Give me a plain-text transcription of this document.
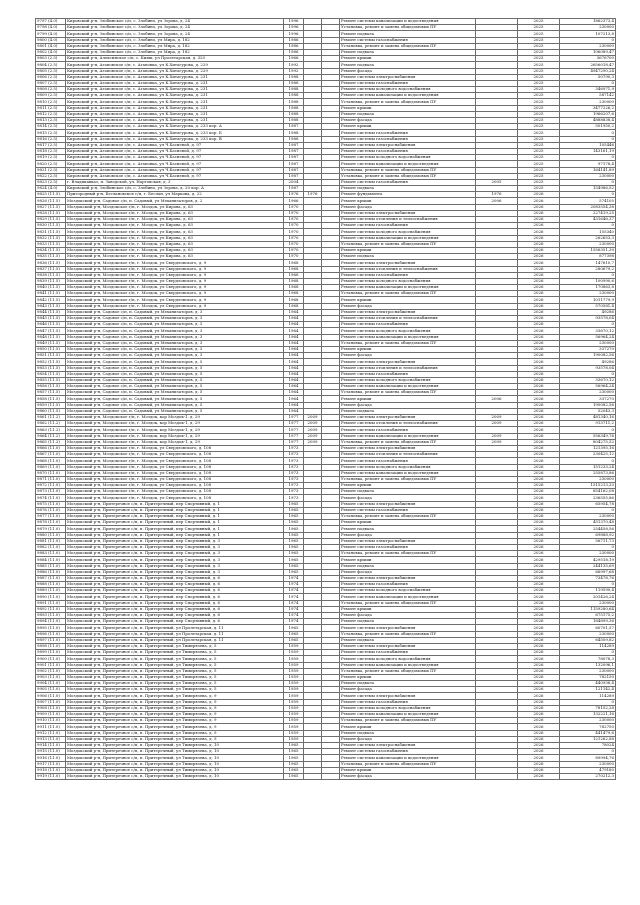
9797 (4.0)	Кировский р-н, Злобинское с/п, с. Злобино, ул Зорова, д. 24	1996			Ремонт системы канализации и водоотведения		2025	1862373,4
9798 (4.0)	Кировский р-н, Злобинское с/п, с. Злобино, ул Зорова, д. 24	1996			Установка, ремонт и замена общедомовых ПУ		2025	230000
9799 (4.0)	Кировский р-н, Злобинское с/п, с. Злобино, ул Зорова, д. 24	1996			Ремонт подвала		2025	107213,8
9800 (4.0)	Кировский р-н, Злобинское с/п, с. Злобино, ул Мира, д. 182	1986			Ремонт системы газоснабжения		2025	0
9801 (4.0)	Кировский р-н, Злобинское с/п, с. Злобино, ул Мира, д. 182	1986			Установка, ремонт и замена общедомовых ПУ		2025	230000
9802 (4.0)	Кировский р-н, Злобинское с/п, с. Злобино, ул Мира, д. 182	1986			Ремонт подвала		2025	106089,47
9803 (2.5)	Кировский р-н, Алексинское с/п, с. Кияш, ул Пролетарская, д. 320	1966			Ремонт крыши		2025	3676700
9804 (2.5)	Кировский р-н, Агаповское с/п, с. Агаповка, ул К.Хитагурова, д. 229	1992			Ремонт подвала		2025	2656018,47
9805 (2.5)	Кировский р-н, Агаповское с/п, с. Агаповка, ул К.Хитагурова, д. 229	1992			Ремонт фасада		2025	4947290,24
9806 (2.5)	Кировский р-н, Агаповское с/п, с. Агаповка, ул К.Хитагурова, д. 231	1988			Ремонт системы электроснабжения		2025	50790,3
9807 (2.5)	Кировский р-н, Агаповское с/п, с. Агаповка, ул К.Хитагурова, д. 231	1988			Ремонт системы газоснабжения		2025	0
9808 (2.5)	Кировский р-н, Агаповское с/п, с. Агаповка, ул К.Хитагурова, д. 231	1988			Ремонт системы холодного водоснабжения		2025	346971,9
9809 (2.5)	Кировский р-н, Агаповское с/п, с. Агаповка, ул К.Хитагурова, д. 231	1988			Ремонт системы канализации и водоотведения		2025	587142
9810 (2.5)	Кировский р-н, Агаповское с/п, с. Агаповка, ул К.Хитагурова, д. 231	1988			Установка, ремонт и замена общедомовых ПУ		2025	230000
9811 (2.5)	Кировский р-н, Агаповское с/п, с. Агаповка, ул К.Хитагурова, д. 231	1988			Ремонт крыши		2025	3477226,2
9812 (2.5)	Кировский р-н, Агаповское с/п, с. Агаповка, ул К.Хитагурова, д. 231	1988			Ремонт подвала		2025	1966207,6
9813 (2.5)	Кировский р-н, Агаповское с/п, с. Агаповка, ул К.Хитагурова, д. 231	1988			Ремонт фасада		2025	4888838,4
9814 (2.5)	Кировский р-н, Агаповское с/п, с. Агаповка, ул К.Хитагурова, д. 233 кор. А	1987			Ремонт крыши		2025	501950,2
9815 (2.5)	Кировский р-н, Агаповское с/п, с. Агаповка, ул К.Хитагурова, д. 233 кор. Б	1988			Ремонт системы газоснабжения		2025	0
9816 (2.5)	Кировский р-н, Агаповское с/п, с. Агаповка, ул К.Хитагурова, д. 233 кор. В	1988			Ремонт системы газоснабжения		2025	0
9817 (2.5)	Кировский р-н, Агаповское с/п, с. Агаповка, ул Ч.Басиевой, д. 97	1987			Ремонт системы электроснабжения		2025	105446
9818 (2.5)	Кировский р-н, Агаповское с/п, с. Агаповка, ул Ч.Басиевой, д. 97	1987			Ремонт системы газоснабжения		2025	143161,19
9819 (2.5)	Кировский р-н, Агаповское с/п, с. Агаповка, ул Ч.Басиевой, д. 97	1987			Ремонт системы холодного водоснабжения		2025	0
9820 (2.5)	Кировский р-н, Агаповское с/п, с. Агаповка, ул Ч.Басиевой, д. 97	1987			Ремонт системы канализации и водоотведения		2025	97178,4
9821 (2.5)	Кировский р-н, Агаповское с/п, с. Агаповка, ул Ч.Басиевой, д. 97	1987			Установка, ремонт и замена общедомовых ПУ		2025	164141,89
9822 (2.5)	Кировский р-н, Агаповское с/п, с. Агаповка, ул Ч.Басиевой, д. 97	1987			Установка, ремонт и замена общедомовых ПУ		2025	230000
9823 (2.5)	г. Владикавказ, п. Заводской, ул. Нартовская, д. 3	2004			Ремонт системы газоснабжения	2005	2025	0
9824 (4.0)	Кировский р-н, Злобинское с/п, с. Злобино, ул Зорова, д. 20 кор. А	1987			Ремонт подвала		2025	154986,52
9825 (11.5)	Пригородный р-н, Беслановское г/п, г. Беслан, ул Маркова, д. 22	1976	1976		Ремонт фундамента	1976	2026	0
9826 (11.5)	Моздокский р-н, Садовое с/п, п. Садовый, ул Механизаторов, д. 2	1966			Ремонт крыши	2006	2026	574105
9827 (11.5)	Моздокский р-н, Моздокское г/п, г. Моздок, ул Кирова, д. 63	1970			Ремонт фасада		2026	2083554,38
9828 (11.5)	Моздокский р-н, Моздокское г/п, г. Моздок, ул Кирова, д. 63	1970			Ремонт системы электроснабжения		2026	227419,25
9829 (11.5)	Моздокский р-н, Моздокское г/п, г. Моздок, ул Кирова, д. 63	1970			Ремонт системы отопления и теплоснабжения		2026	431646,37
9830 (11.5)	Моздокский р-н, Моздокское г/п, г. Моздок, ул Кирова, д. 63	1970			Ремонт системы газоснабжения		2026	0
9831 (11.5)	Моздокский р-н, Моздокское г/п, г. Моздок, ул Кирова, д. 63	1970			Ремонт системы холодного водоснабжения		2026	155340
9832 (11.5)	Моздокский р-н, Моздокское г/п, г. Моздок, ул Кирова, д. 63	1970			Ремонт системы канализации и водоотведения		2026	262653,3
9833 (11.5)	Моздокский р-н, Моздокское г/п, г. Моздок, ул Кирова, д. 63	1970			Установка, ремонт и замена общедомовых ПУ		2026	230000
9834 (11.5)	Моздокский р-н, Моздокское г/п, г. Моздок, ул Кирова, д. 63	1970			Ремонт крыши		2026	1556351,39
9835 (11.5)	Моздокский р-н, Моздокское г/п, г. Моздок, ул Кирова, д. 63	1970			Ремонт подвала		2026	877398
9836 (11.5)	Моздокский р-н, Моздокское г/п, г. Моздок, ул Свердловского, д. 9	1968			Ремонт системы электроснабжения		2026	147610,7
9837 (11.5)	Моздокский р-н, Моздокское г/п, г. Моздок, ул Свердловского, д. 9	1968			Ремонт системы отопления и теплоснабжения		2026	280679,2
9838 (11.5)	Моздокский р-н, Моздокское г/п, г. Моздок, ул Свердловского, д. 9	1968			Ремонт системы газоснабжения		2026	0
9839 (11.5)	Моздокский р-н, Моздокское г/п, г. Моздок, ул Свердловского, д. 9	1968			Ремонт системы холодного водоснабжения		2026	100990,6
9840 (11.5)	Моздокский р-н, Моздокское г/п, г. Моздок, ул Свердловского, д. 9	1968			Ремонт системы канализации и водоотведения		2026	170863,8
9841 (11.5)	Моздокский р-н, Моздокское г/п, г. Моздок, ул Свердловского, д. 9	1968			Установка, ремонт и замена общедомовых ПУ		2026	230000
9842 (11.5)	Моздокский р-н, Моздокское г/п, г. Моздок, ул Свердловского, д. 9	1968			Ремонт крыши		2026	1011779,9
9843 (11.5)	Моздокский р-н, Моздокское г/п, г. Моздок, ул Свердловского, д. 9	1968			Ремонт фасада		2026	570581,4
9844 (11.5)	Моздокский р-н, Садовое с/п, п. Садовый, ул Механизаторов, д. 3	1964			Ремонт системы электроснабжения		2026	49286
9845 (11.5)	Моздокский р-н, Садовое с/п, п. Садовый, ул Механизаторов, д. 3	1964			Ремонт системы отопления и теплоснабжения		2026	93578,04
9846 (11.5)	Моздокский р-н, Садовое с/п, п. Садовый, ул Механизаторов, д. 3	1964			Ремонт системы газоснабжения		2026	0
9847 (11.5)	Моздокский р-н, Садовое с/п, п. Садовый, ул Механизаторов, д. 3	1964			Ремонт системы холодного водоснабжения		2026	33670,12
9848 (11.5)	Моздокский р-н, Садовое с/п, п. Садовый, ул Механизаторов, д. 3	1964			Ремонт системы канализации и водоотведения		2026	56964,24
9849 (11.5)	Моздокский р-н, Садовое с/п, п. Садовый, ул Механизаторов, д. 3	1964			Установка, ремонт и замена общедомовых ПУ		2026	230000
9850 (11.5)	Моздокский р-н, Садовое с/п, п. Садовый, ул Механизаторов, д. 3	1964			Ремонт крыши		2026	337270
9851 (11.5)	Моздокский р-н, Садовое с/п, п. Садовый, ул Механизаторов, д. 3	1964			Ремонт фасада		2026	190082,56
9852 (11.5)	Моздокский р-н, Садовое с/п, п. Садовый, ул Механизаторов, д. 5	1964			Ремонт системы электроснабжения		2026	49286
9853 (11.5)	Моздокский р-н, Садовое с/п, п. Садовый, ул Механизаторов, д. 5	1964			Ремонт системы отопления и теплоснабжения		2026	93578,04
9854 (11.5)	Моздокский р-н, Садовое с/п, п. Садовый, ул Механизаторов, д. 5	1964			Ремонт системы газоснабжения		2026	0
9855 (11.5)	Моздокский р-н, Садовое с/п, п. Садовый, ул Механизаторов, д. 5	1964			Ремонт системы холодного водоснабжения		2026	33670,12
9856 (11.5)	Моздокский р-н, Садовое с/п, п. Садовый, ул Механизаторов, д. 5	1964			Ремонт системы канализации и водоотведения		2026	56964,24
9857 (11.5)	Моздокский р-н, Садовое с/п, п. Садовый, ул Механизаторов, д. 5	1964			Установка, ремонт и замена общедомовых ПУ		2026	230000
9858 (11.5)	Моздокский р-н, Садовое с/п, п. Садовый, ул Механизаторов, д. 5	1964			Ремонт крыши	2006	2026	337270
9859 (11.5)	Моздокский р-н, Садовое с/п, п. Садовый, ул Механизаторов, д. 5	1964			Ремонт фасада		2026	190082,56
9860 (11.5)	Моздокский р-н, Садовое с/п, п. Садовый, ул Механизаторов, д. 5	1964			Ремонт подвала		2026	52043,3
9861 (11.2)	Моздокский р-н, Моздокское г/п, г. Моздок, кор Моздок-1, д. 29	1977	2009		Ремонт системы электроснабжения	2009	2026	481340,16
9862 (11.2)	Моздокский р-н, Моздокское г/п, г. Моздок, кор Моздок-1, д. 29	1977	2009		Ремонт системы отопления и теплоснабжения	2009	2026	913711,2
9863 (11.2)	Моздокский р-н, Моздокское г/п, г. Моздок, кор Моздок-1, д. 29	1977	2009		Ремонт системы газоснабжения		2026	0
9864 (11.2)	Моздокский р-н, Моздокское г/п, г. Моздок, кор Моздок-1, д. 29	1977	2009		Ремонт системы канализации и водоотведения	2009	2026	556349,76
9865 (11.2)	Моздокский р-н, Моздокское г/п, г. Моздок, кор Моздок-1, д. 29	1977	2009		Установка, ремонт и замена общедомовых ПУ	2009	2026	804275,52
9866 (11.0)	Моздокский р-н, Моздокское г/п, г. Моздок, ул Свердловского, д. 108	1973			Ремонт системы электроснабжения		2026	121395,16
9867 (11.0)	Моздокский р-н, Моздокское г/п, г. Моздок, ул Свердловского, д. 108	1973			Ремонт системы отопления и теплоснабжения		2026	230425,12
9868 (11.0)	Моздокский р-н, Моздокское г/п, г. Моздок, ул Свердловского, д. 108	1973			Ремонт системы газоснабжения		2026	0
9869 (11.0)	Моздокский р-н, Моздокское г/п, г. Моздок, ул Свердловского, д. 108	1973			Ремонт системы холодного водоснабжения		2026	151233,24
9870 (11.0)	Моздокский р-н, Моздокское г/п, г. Моздок, ул Свердловского, д. 108	1973			Ремонт системы канализации и водоотведения		2026	255873,86
9871 (11.0)	Моздокский р-н, Моздокское г/п, г. Моздок, ул Свердловского, д. 108	1973			Установка, ремонт и замена общедомовых ПУ		2026	230000
9872 (11.0)	Моздокский р-н, Моздокское г/п, г. Моздок, ул Свердловского, д. 108	1973			Ремонт крыши		2026	1515213,33
9873 (11.0)	Моздокский р-н, Моздокское г/п, г. Моздок, ул Свердловского, д. 108	1973			Ремонт подвала		2026	854162,08
9874 (11.0)	Моздокский р-н, Моздокское г/п, г. Моздок, ул Свердловского, д. 108	1973			Ремонт фасада		2026	236555,86
9875 (11.0)	Моздокский р-н, Притеречное с/п, п. Притеречный, пер Спортивный, д. 1	1965			Ремонт системы электроснабжения		2026	65954,78
9876 (11.0)	Моздокский р-н, Притеречное с/п, п. Притеречный, пер Спортивный, д. 1	1965			Ремонт системы газоснабжения		2026	0
9877 (11.0)	Моздокский р-н, Притеречное с/п, п. Притеречный, пер Спортивный, д. 1	1965			Установка, ремонт и замена общедомовых ПУ		2026	230000
9878 (11.0)	Моздокский р-н, Притеречное с/п, п. Притеречный, пер Спортивный, д. 1	1965			Ремонт крыши		2026	451370,48
9879 (11.0)	Моздокский р-н, Притеречное с/п, п. Притеречный, пер Спортивный, д. 1	1965			Ремонт подвала		2026	254458,56
9880 (11.0)	Моздокский р-н, Притеречное с/п, п. Притеречный, пер Спортивный, д. 1	1965			Ремонт фасада		2026	69888,92
9881 (11.0)	Моздокский р-н, Притеречное с/п, п. Притеречный, пер Спортивный, д. 3	1965			Ремонт системы электроснабжения		2026	56711,73
9882 (11.0)	Моздокский р-н, Притеречное с/п, п. Притеречный, пер Спортивный, д. 3	1965			Ремонт системы газоснабжения		2026	0
9883 (11.0)	Моздокский р-н, Притеречное с/п, п. Притеречный, пер Спортивный, д. 3	1965			Установка, ремонт и замена общедомовых ПУ		2026	230000
9884 (11.0)	Моздокский р-н, Притеречное с/п, п. Притеречный, пер Спортивный, д. 3	1965			Ремонт крыши		2026	429518,19
9885 (11.0)	Моздокский р-н, Притеречное с/п, п. Притеречный, пер Спортивный, д. 3	1965			Ремонт подвала		2026	244135,69
9886 (11.0)	Моздокский р-н, Притеречное с/п, п. Притеречный, пер Спортивный, д. 3	1965			Ремонт фасада		2026	66997,68
9887 (11.0)	Моздокский р-н, Притеречное с/п, п. Притеречный, пер Спортивный, д. 6	1974			Ремонт системы электроснабжения		2026	73478,76
9888 (11.0)	Моздокский р-н, Притеречное с/п, п. Притеречный, пер Спортивный, д. 6	1974			Ремонт системы газоснабжения		2026	0
9889 (11.0)	Моздокский р-н, Притеречное с/п, п. Притеречный, пер Спортивный, д. 6	1974			Ремонт системы холодного водоснабжения		2026	119590,4
9890 (11.0)	Моздокский р-н, Притеречное с/п, п. Притеречный, пер Спортивный, д. 6	1974			Ремонт системы канализации и водоотведения		2026	201426,24
9891 (11.0)	Моздокский р-н, Притеречное с/п, п. Притеречный, пер Спортивный, д. 6	1974			Установка, ремонт и замена общедомовых ПУ		2026	230000
9892 (11.0)	Моздокский р-н, Притеречное с/п, п. Притеречный, пер Спортивный, д. 6	1974			Ремонт крыши		2026	1159280,64
9893 (11.0)	Моздокский р-н, Притеречное с/п, п. Притеречный, пер Спортивный, д. 6	1974			Ремонт фасада		2026	675175,2
9894 (11.0)	Моздокский р-н, Притеречное с/п, п. Притеречный, пер Спортивный, д. 6	1974			Ремонт подвала		2026	184899,36
9895 (11.0)	Моздокский р-н, Притеречное с/п, п. Притеречный, ул Пролетарская, д. 11	1965			Ремонт системы электроснабжения		2026	60701,57
9896 (11.0)	Моздокский р-н, Притеречное с/п, п. Притеречный, ул Пролетарская, д. 11	1965			Установка, ремонт и замена общедомовых ПУ		2026	230000
9897 (11.0)	Моздокский р-н, Притеречное с/п, п. Притеречный, ул Пролетарская, д. 11	1965			Ремонт подвала		2026	64509,82
9898 (11.0)	Моздокский р-н, Притеречное с/п, п. Притеречный, ул Тимирязева, д. 5	1959			Ремонт системы электроснабжения		2026	114289
9899 (11.0)	Моздокский р-н, Притеречное с/п, п. Притеречный, ул Тимирязева, д. 5	1959			Ремонт системы газоснабжения		2026	0
9900 (11.0)	Моздокский р-н, Притеречное с/п, п. Притеречный, ул Тимирязева, д. 5	1959			Ремонт системы холодного водоснабжения		2026	78078,3
9901 (11.0)	Моздокский р-н, Притеречное с/п, п. Притеречный, ул Тимирязева, д. 5	1959			Ремонт системы канализации и водоотведения		2026	132096,1
9902 (11.0)	Моздокский р-н, Притеречное с/п, п. Притеречный, ул Тимирязева, д. 5	1959			Установка, ремонт и замена общедомовых ПУ		2026	230000
9903 (11.0)	Моздокский р-н, Притеречное с/п, п. Притеречный, ул Тимирязева, д. 5	1959			Ремонт крыши		2026	782150
9904 (11.0)	Моздокский р-н, Притеречное с/п, п. Притеречный, ул Тимирязева, д. 5	1959			Ремонт подвала		2026	440938,4
9905 (11.0)	Моздокский р-н, Притеречное с/п, п. Притеречный, ул Тимирязева, д. 5	1959			Ремонт фасада		2026	121142,4
9906 (11.0)	Моздокский р-н, Притеречное с/п, п. Притеречный, ул Тимирязева, д. 9	1959			Ремонт системы электроснабжения		2026	114289
9907 (11.0)	Моздокский р-н, Притеречное с/п, п. Притеречный, ул Тимирязева, д. 9	1959			Ремонт системы газоснабжения		2026	0
9908 (11.0)	Моздокский р-н, Притеречное с/п, п. Притеречный, ул Тимирязева, д. 9	1959			Ремонт системы холодного водоснабжения		2026	78152,28
9909 (11.0)	Моздокский р-н, Притеречное с/п, п. Притеречный, ул Тимирязева, д. 9	1959			Ремонт системы канализации и водоотведения		2026	132221,16
9910 (11.0)	Моздокский р-н, Притеречное с/п, п. Притеречный, ул Тимирязева, д. 9	1959			Установка, ремонт и замена общедомовых ПУ		2026	230000
9911 (11.0)	Моздокский р-н, Притеречное с/п, п. Притеречный, ул Тимирязева, д. 9	1959			Ремонт крыши		2026	782750
9912 (11.0)	Моздокский р-н, Притеречное с/п, п. Притеречный, ул Тимирязева, д. 9	1959			Ремонт подвала		2026	441479,6
9913 (11.0)	Моздокский р-н, Притеречное с/п, п. Притеречный, ул Тимирязева, д. 9	1959			Ремонт фасада		2026	121262,88
9914 (11.0)	Моздокский р-н, Притеречное с/п, п. Притеречный, ул Тимирязева, д. 10	1965			Ремонт системы электроснабжения		2026	78024
9915 (11.0)	Моздокский р-н, Притеречное с/п, п. Притеречный, ул Тимирязева, д. 10	1965			Ремонт системы газоснабжения		2026	0
9916 (11.0)	Моздокский р-н, Притеречное с/п, п. Притеречный, ул Тимирязева, д. 10	1965			Ремонт системы канализации и водоотведения		2026	89994,76
9917 (11.0)	Моздокский р-н, Притеречное с/п, п. Притеречный, ул Тимирязева, д. 10	1965			Установка, ремонт и замена общедомовых ПУ		2026	230000
9918 (11.0)	Моздокский р-н, Притеречное с/п, п. Притеречный, ул Тимирязева, д. 10	1965			Ремонт крыши		2026	479180
9919 (11.0)	Моздокский р-н, Притеречное с/п, п. Притеречный, ул Тимирязева, д. 10	1965			Ремонт фасада		2026	270212,3
